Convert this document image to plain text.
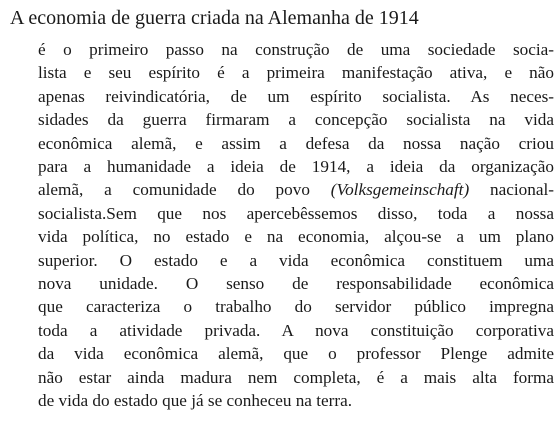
A economia de guerra criada na Alemanha de 1914
é o primeiro passo na construção de uma sociedade socia-
lista e seu espírito é a primeira manifestação ativa, e não
apenas reivindicatória, de um espírito socialista. As neces-
sidades da guerra firmaram a concepção socialista na vida
econômica alemã, e assim a defesa da nossa nação criou
para a humanidade a ideia de 1914, a ideia da organização
alemã, a comunidade do povo (Volksgemeinschaft) nacional-
socialista.Sem que nos apercebêssemos disso, toda a nossa
vida política, no estado e na economia, alçou-se a um plano
superior. O estado e a vida econômica constituem uma
nova unidade. O senso de responsabilidade econômica
que caracteriza o trabalho do servidor público impregna
toda a atividade privada. A nova constituição corporativa
da vida econômica alemã, que o professor Plenge admite
não estar ainda madura nem completa, é a mais alta forma
de vida do estado que já se conheceu na terra.
